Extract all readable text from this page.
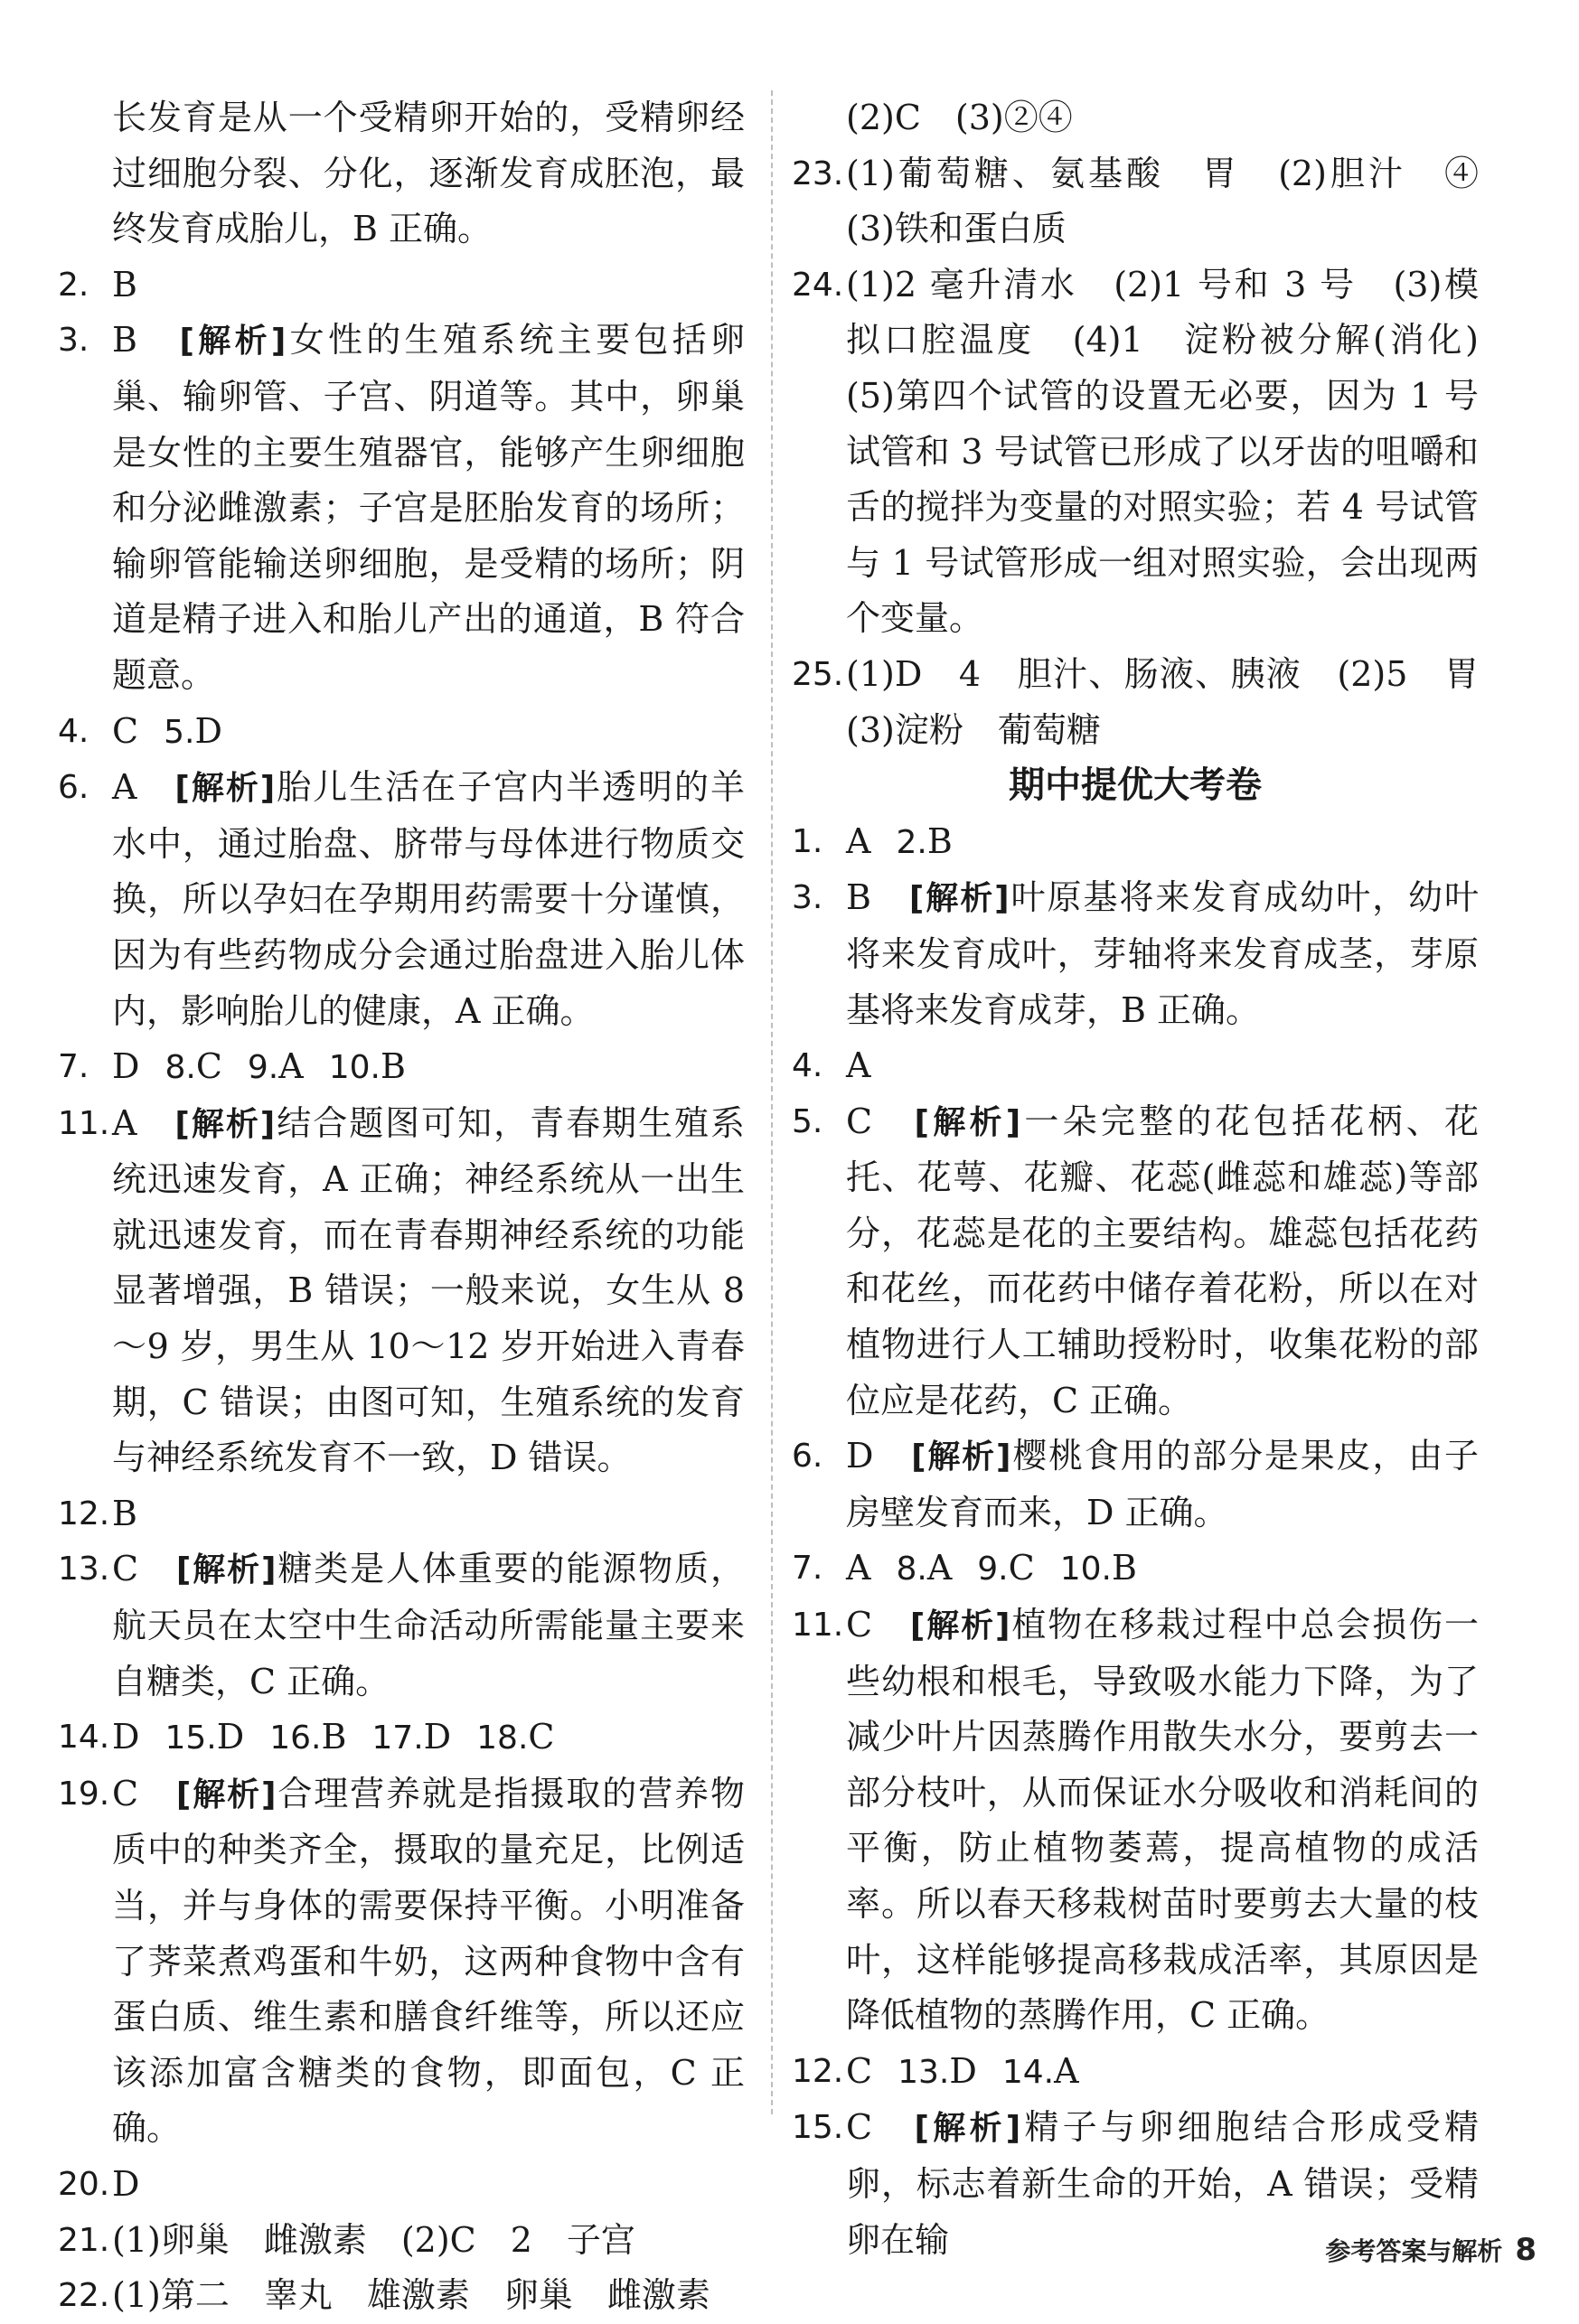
长发育是从一个受精卵开始的，受精卵经过细胞分裂、分化，逐渐发育成胚泡，最终发育成胎儿，B 正确。

2. B

3. B　 [解析]女性的生殖系统主要包括卵巢、输卵管、子宫、阴道等。其中，卵巢是女性的主要生殖器官，能够产生卵细胞和分泌雌激素；子宫是胚胎发育的场所；输卵管能输送卵细胞，是受精的场所；阴道是精子进入和胎儿产出的通道，B 符合题意。

4. C 5.D

6. A　 [解析]胎儿生活在子宫内半透明的羊水中，通过胎盘、脐带与母体进行物质交换，所以孕妇在孕期用药需要十分谨慎，因为有些药物成分会通过胎盘进入胎儿体内，影响胎儿的健康，A 正确。

7. D 8.C 9.A 10.B

11. A　 [解析]结合题图可知，青春期生殖系统迅速发育，A 正确；神经系统从一出生就迅速发育，而在青春期神经系统的功能显著增强，B 错误；一般来说，女生从 8～9 岁，男生从 10～12 岁开始进入青春期，C 错误；由图可知，生殖系统的发育与神经系统发育不一致，D 错误。

12. B

13. C　 [解析]糖类是人体重要的能源物质，航天员在太空中生命活动所需能量主要来自糖类，C 正确。

14. D 15.D 16.B 17.D 18.C

19. C　 [解析]合理营养就是指摄取的营养物质中的种类齐全，摄取的量充足，比例适当，并与身体的需要保持平衡。小明准备了荠菜煮鸡蛋和牛奶，这两种食物中含有蛋白质、维生素和膳食纤维等，所以还应该添加富含糖类的食物，即面包，C 正确。

20. D

21. (1)卵巢　雌激素　(2)C　2　子宫

22. (1)第二　睾丸　雄激素　卵巢　雌激素

(2)C　(3)②④

23. (1)葡萄糖、氨基酸　胃　(2)胆汁　④　(3)铁和蛋白质

24. (1)2 毫升清水　(2)1 号和 3 号　(3)模拟口腔温度　(4)1　淀粉被分解(消化)　(5)第四个试管的设置无必要，因为 1 号试管和 3 号试管已形成了以牙齿的咀嚼和舌的搅拌为变量的对照实验；若 4 号试管与 1 号试管形成一组对照实验，会出现两个变量。

25. (1)D　4　胆汁、肠液、胰液　(2)5　胃　(3)淀粉　葡萄糖

期中提优大考卷

1. A 2.B

3. B　 [解析]叶原基将来发育成幼叶，幼叶将来发育成叶，芽轴将来发育成茎，芽原基将来发育成芽，B 正确。

4. A

5. C　 [解析]一朵完整的花包括花柄、花托、花萼、花瓣、花蕊(雌蕊和雄蕊)等部分，花蕊是花的主要结构。雄蕊包括花药和花丝，而花药中储存着花粉，所以在对植物进行人工辅助授粉时，收集花粉的部位应是花药，C 正确。

6. D　 [解析]樱桃食用的部分是果皮，由子房壁发育而来，D 正确。

7. A 8.A 9.C 10.B

11. C　 [解析]植物在移栽过程中总会损伤一些幼根和根毛，导致吸水能力下降，为了减少叶片因蒸腾作用散失水分，要剪去一部分枝叶，从而保证水分吸收和消耗间的平衡，防止植物萎蔫，提高植物的成活率。所以春天移栽树苗时要剪去大量的枝叶，这样能够提高移栽成活率，其原因是降低植物的蒸腾作用，C 正确。

12. C 13.D 14.A

15. C　 [解析]精子与卵细胞结合形成受精卵，标志着新生命的开始，A 错误；受精卵在输	参考答案与解析 8
